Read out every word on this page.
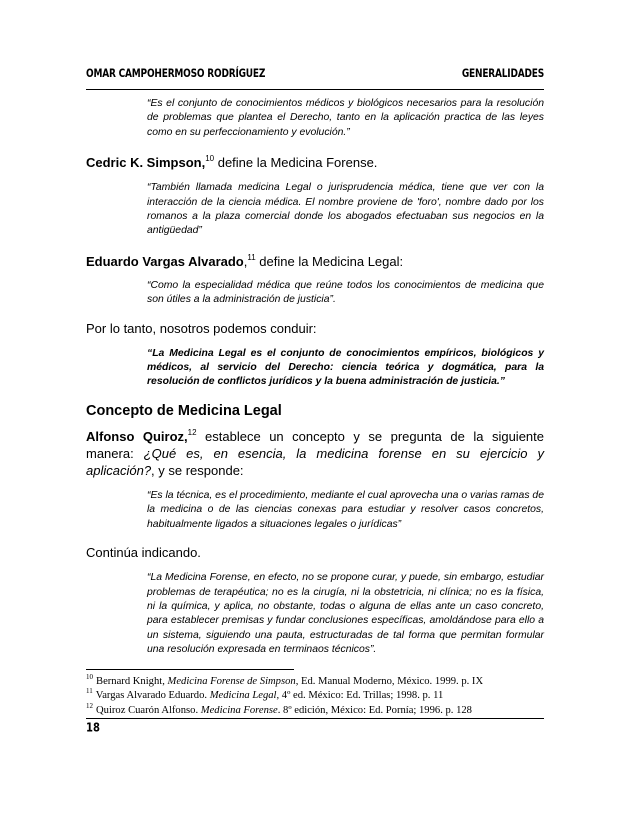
OMAR CAMPOHERMOSO RODRÍGUEZ	GENERALIDADES

“Es el conjunto de conocimientos médicos y biológicos necesarios para la resolución de problemas que plantea el Derecho, tanto en la aplicación practica de las leyes como en su perfeccionamiento y evolución.”

Cedric K. Simpson,$^{10}$ define la Medicina Forense.

“También llamada medicina Legal o jurisprudencia médica, tiene que ver con la interacción de la ciencia médica. El nombre proviene de 'foro', nombre dado por los romanos a la plaza comercial donde los abogados efectuaban sus negocios en la antigüedad”

Eduardo Vargas Alvarado,$^{11}$ define la Medicina Legal:

“Como la especialidad médica que reúne todos los conocimientos de medicina que son útiles a la administración de justicia”.

Por lo tanto, nosotros podemos conduir:

“La Medicina Legal es el conjunto de conocimientos empíricos, biológicos y médicos, al servicio del Derecho: ciencia teórica y dogmática, para la resolución de conflictos jurídicos y la buena administración de justicia.”

Concepto de Medicina Legal

Alfonso Quiroz,$^{12}$ establece un concepto y se pregunta de la siguiente manera: ¿Qué es, en esencia, la medicina forense en su ejercicio y aplicación?, y se responde:

“Es la técnica, es el procedimiento, mediante el cual aprovecha una o varias ramas de la medicina o de las ciencias conexas para estudiar y resolver casos concretos, habitualmente ligados a situaciones legales o jurídicas”

Continúa indicando.

“La Medicina Forense, en efecto, no se propone curar, y puede, sin embargo, estudiar problemas de terapéutica; no es la cirugía, ni la obstetricia, ni clínica; no es la física, ni la química, y aplica, no obstante, todas o alguna de ellas ante un caso concreto, para establecer premisas y fundar conclusiones específicas, amoldándose para ello a un sistema, siguiendo una pauta, estructuradas de tal forma que permitan formular una resolución expresada en terminaos técnicos”.

$^{10}$ Bernard Knight, Medicina Forense de Simpson, Ed. Manual Moderno, México. 1999. p. IX

$^{11}$ Vargas Alvarado Eduardo. Medicina Legal, 4º ed. México: Ed. Trillas; 1998. p. 11

$^{12}$ Quiroz Cuarón Alfonso. Medicina Forense. 8º edición, México: Ed. Pornía; 1996. p. 128

18
